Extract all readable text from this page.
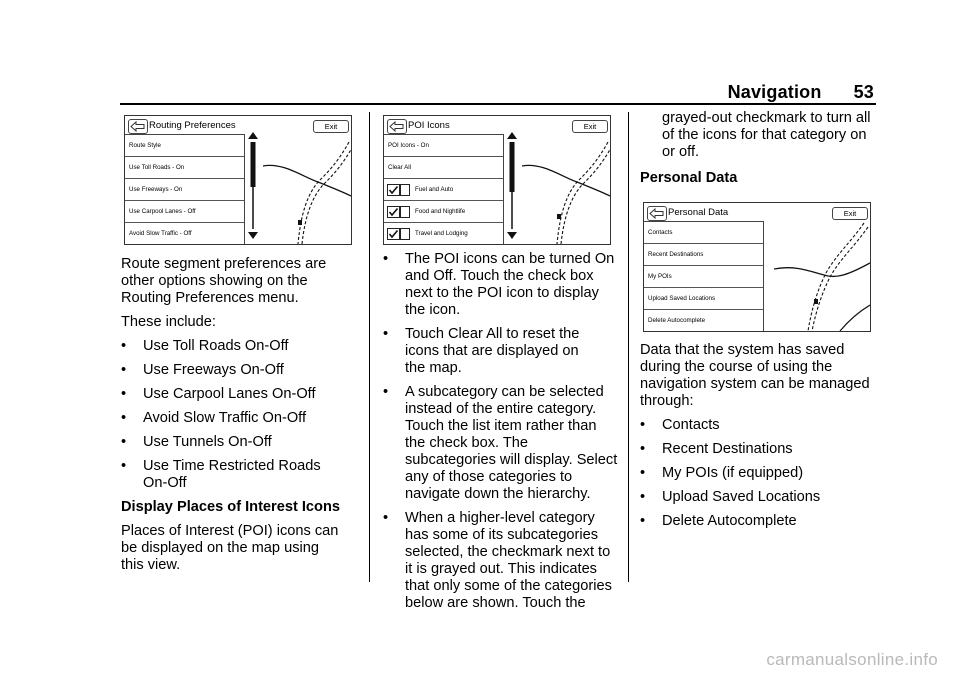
Navigation 53
Routing Preferences	Exit
Route Style
Use Toll Roads - On
Use Freeways - On
Use Carpool Lanes - Off
Avoid Slow Traffic - Off

Route segment preferences are
other options showing on the
Routing Preferences menu.

These include:

• Use Toll Roads On-Off
• Use Freeways On-Off
• Use Carpool Lanes On-Off
• Avoid Slow Traffic On-Off
• Use Tunnels On-Off
• Use Time Restricted Roads
On-Off

Display Places of Interest Icons

Places of Interest (POI) icons can
be displayed on the map using
this view.

POI Icons	Exit
POI Icons - On
Clear All
Fuel and Auto
Food and Nightlife
Travel and Lodging
• The POI icons can be turned On
and Off. Touch the check box
next to the POI icon to display
the icon.
• Touch Clear All to reset the
icons that are displayed on
the map.
• A subcategory can be selected
instead of the entire category.
Touch the list item rather than
the check box. The
subcategories will display. Select
any of those categories to
navigate down the hierarchy.
• When a higher-level category
has some of its subcategories
selected, the checkmark next to
it is grayed out. This indicates
that only some of the categories
below are shown. Touch the

grayed-out checkmark to turn all
of the icons for that category on
or off.

Personal Data

Personal Data	Exit
Contacts
Recent Destinations
My POIs
Upload Saved Locations
Delete Autocomplete

Data that the system has saved
during the course of using the
navigation system can be managed
through:

• Contacts
• Recent Destinations
• My POIs (if equipped)
• Upload Saved Locations
• Delete Autocomplete
carmanualsonline.info
